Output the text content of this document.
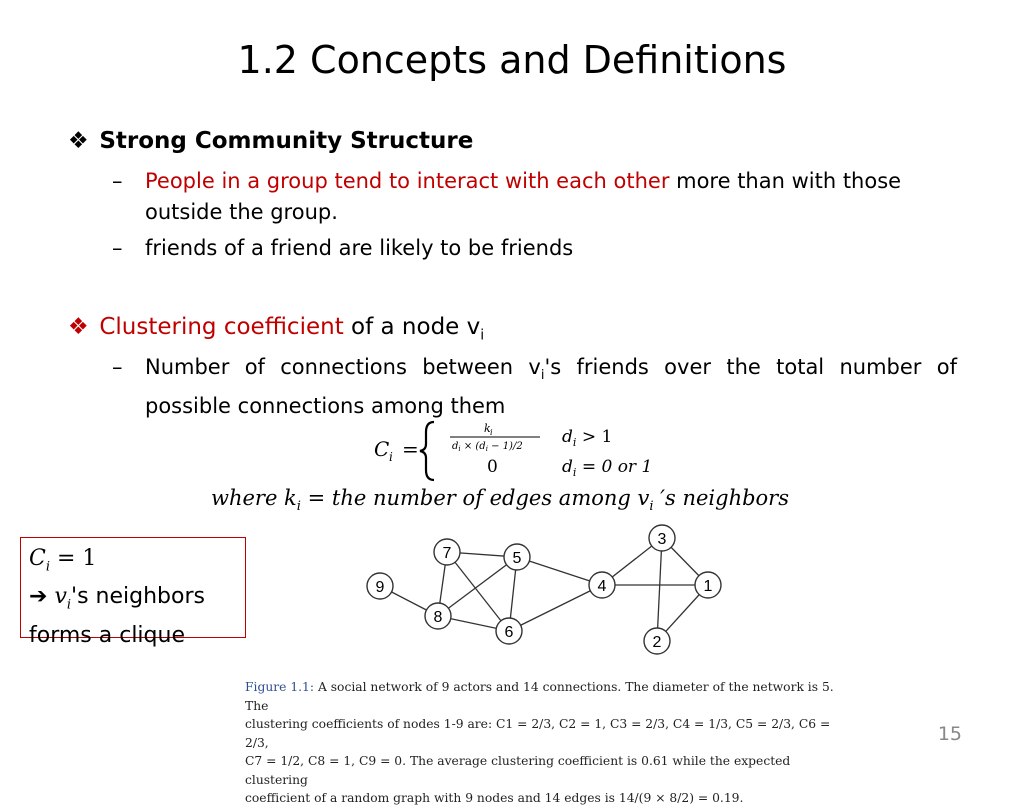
1.2 Concepts and Definitions
❖ Strong Community Structure
– People in a group tend to interact with each other more than with those outside the group.
– friends of a friend are likely to be friends
❖ Clustering coefficient of a node $v_i$
– Number of connections between $v_i's$ friends over the total number of possible connections among them
C i =
k i
$d_i \times (d_i - 1)/2$ $d_i > 1$
0	$d_i = 0$ or 1
where $k_i$ = the number of edges among $v_i$ ′s neighbors
$C_i = 1$
➔ $v_i's$ neighbors
forms a clique
1
2
3
4
5
6
7
8
9
Figure 1.1: A social network of 9 actors and 14 connections. The diameter of the network is 5. The
clustering coefficients of nodes 1-9 are: C1 = 2/3, C2 = 1, C3 = 2/3, C4 = 1/3, C5 = 2/3, C6 = 2/3,
C7 = 1/2, C8 = 1, C9 = 0. The average clustering coefficient is 0.61 while the expected clustering
coefficient of a random graph with 9 nodes and 14 edges is 14/(9 × 8/2) = 0.19.
15
